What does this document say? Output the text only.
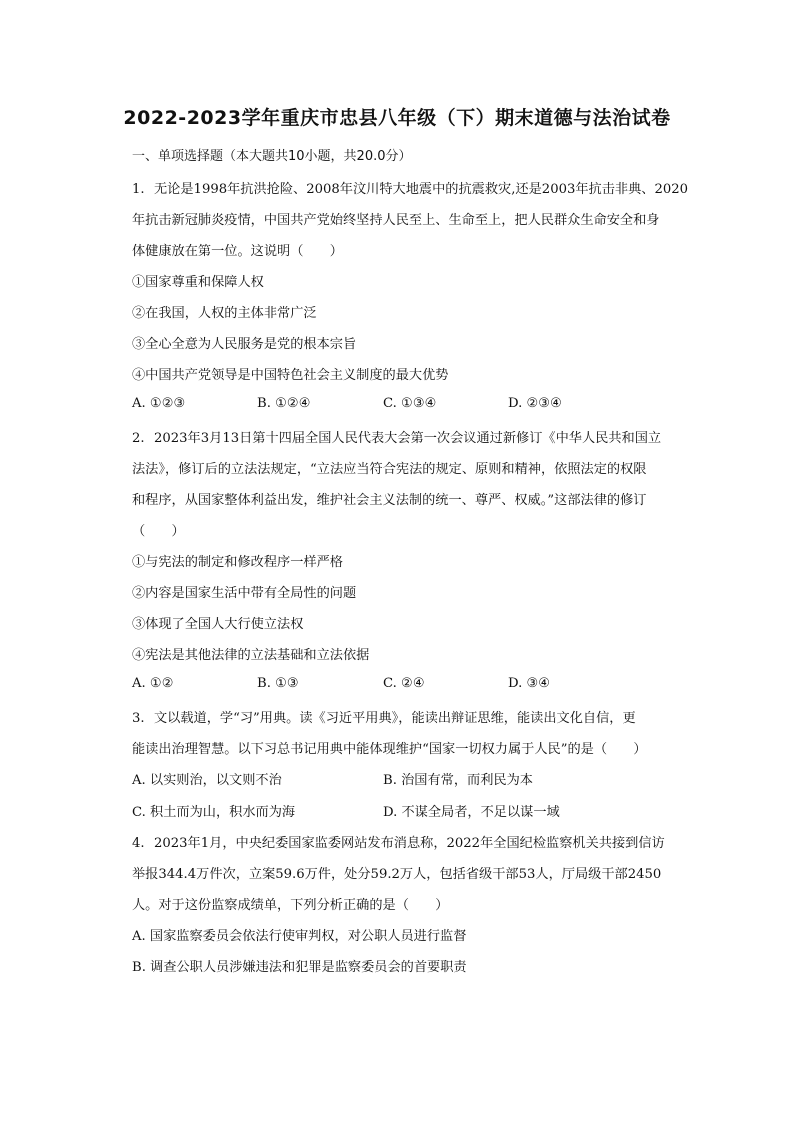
2022-2023学年重庆市忠县八年级（下）期末道德与法治试卷
一、单项选择题（本大题共10小题，共20.0分）
1. 无论是1998年抗洪抢险、2008年汶川特大地震中的抗震救灾,还是2003年抗击非典、2020
年抗击新冠肺炎疫情，中国共产党始终坚持人民至上、生命至上，把人民群众生命安全和身
体健康放在第一位。这说明（　　）
①国家尊重和保障人权
②在我国，人权的主体非常广泛
③全心全意为人民服务是党的根本宗旨
④中国共产党领导是中国特色社会主义制度的最大优势
A. ①②③	B. ①②④	C. ①③④	D. ②③④
2. 2023年3月13日第十四届全国人民代表大会第一次会议通过新修订《中华人民共和国立
法法》，修订后的立法法规定，“立法应当符合宪法的规定、原则和精神，依照法定的权限
和程序，从国家整体利益出发，维护社会主义法制的统一、尊严、权威。”这部法律的修订
（　　）
①与宪法的制定和修改程序一样严格
②内容是国家生活中带有全局性的问题
③体现了全国人大行使立法权
④宪法是其他法律的立法基础和立法依据
A. ①②	B. ①③	C. ②④	D. ③④
3. 文以载道，学“习”用典。读《习近平用典》，能读出辩证思维，能读出文化自信，更
能读出治理智慧。以下习总书记用典中能体现维护“国家一切权力属于人民”的是（　　）
A. 以实则治，以文则不治	B. 治国有常，而利民为本
C. 积土而为山，积水而为海	D. 不谋全局者，不足以谋一域
4. 2023年1月，中央纪委国家监委网站发布消息称，2022年全国纪检监察机关共接到信访
举报344.4万件次，立案59.6万件，处分59.2万人，包括省级干部53人，厅局级干部2450
人。对于这份监察成绩单，下列分析正确的是（　　）
A. 国家监察委员会依法行使审判权，对公职人员进行监督
B. 调查公职人员涉嫌违法和犯罪是监察委员会的首要职责
